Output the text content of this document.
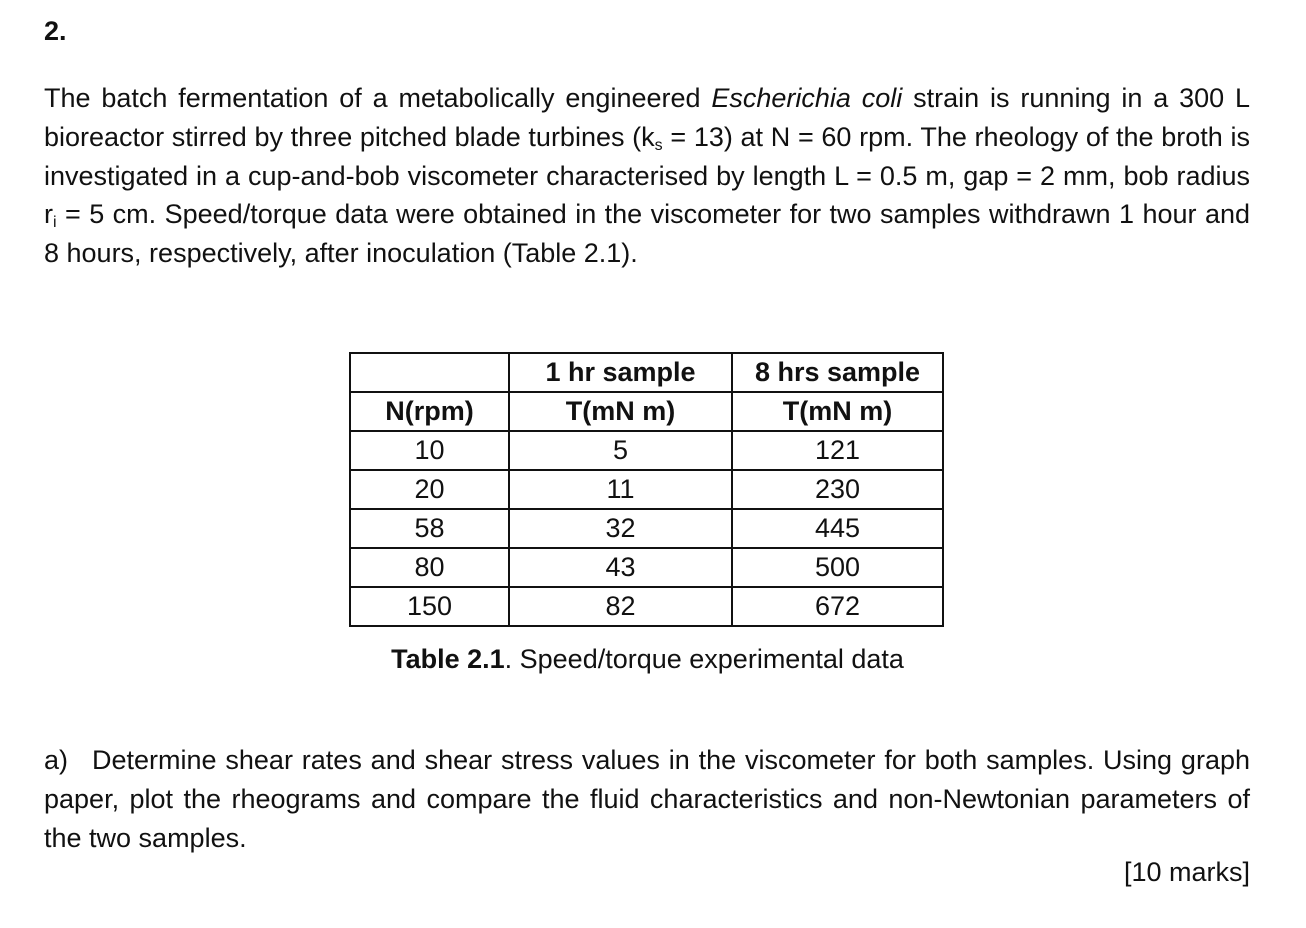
2.

The batch fermentation of a metabolically engineered Escherichia coli strain is running in a 300 L bioreactor stirred by three pitched blade turbines $(k_s = 13)$ at N = 60 rpm. The rheology of the broth is investigated in a cup-and-bob viscometer characterised by length L = 0.5 m, gap = 2 mm, bob radius $r_i = 5$ cm. Speed/torque data were obtained in the viscometer for two samples withdrawn 1 hour and 8 hours, respectively, after inoculation (Table 2.1).

	1 hr sample	8 hrs sample
N(rpm)	T(mN m)	T(mN m)
10	5	121
20	11	230
58	32	445
80	43	500
150	82	672

Table 2.1. Speed/torque experimental data

a) Determine shear rates and shear stress values in the viscometer for both samples. Using graph paper, plot the rheograms and compare the fluid characteristics and non-Newtonian parameters of the two samples.

[10 marks]
